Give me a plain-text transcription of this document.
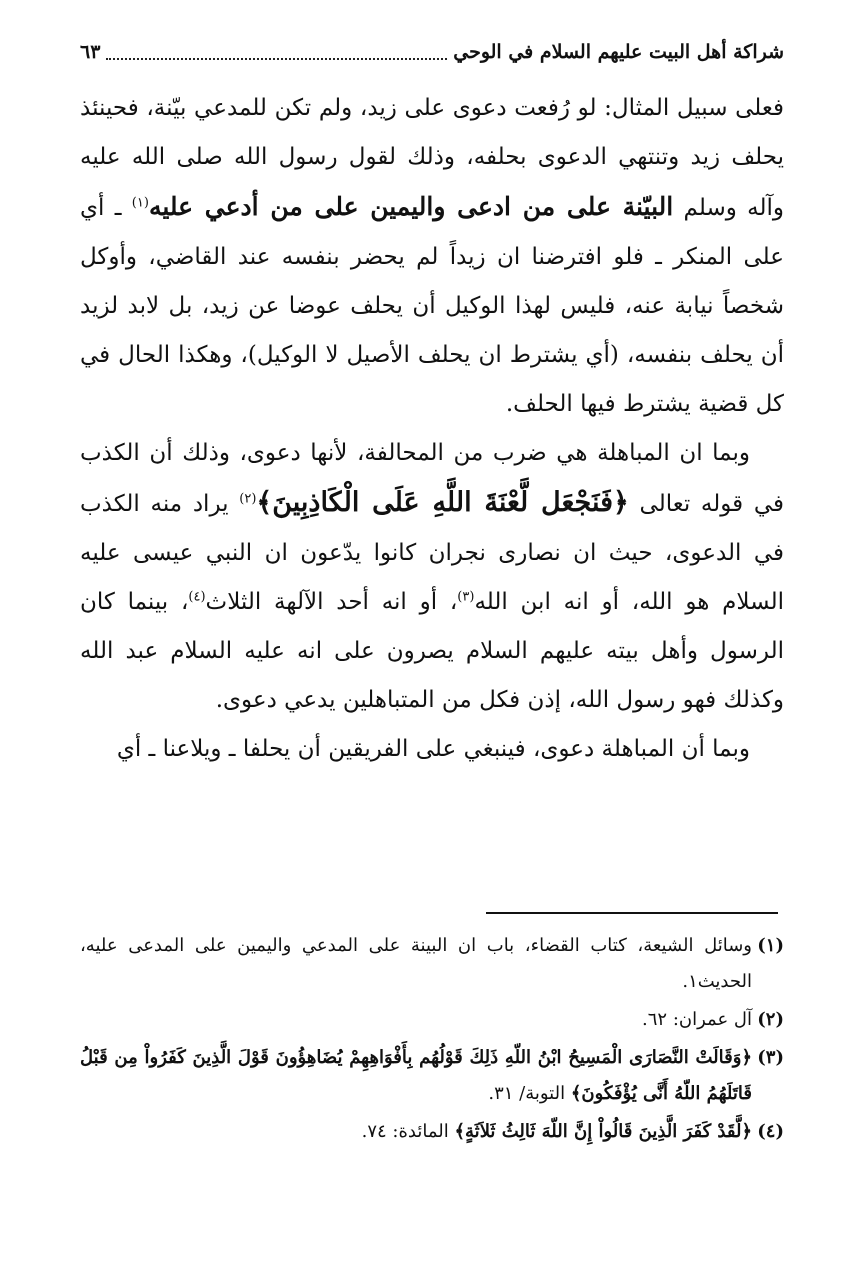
شراكة أهل البيت عليهم السلام في الوحي
٦٣

فعلى سبيل المثال: لو رُفعت دعوى على زيد، ولم تكن للمدعي بيّنة، فحينئذ يحلف زيد وتنتهي الدعوى بحلفه، وذلك لقول رسول الله صلى الله عليه وآله وسلم البيّنة على من ادعى واليمين على من أدعي عليه$^{(١)}$ ـ أي على المنكر ـ فلو افترضنا ان زيداً لم يحضر بنفسه عند القاضي، وأوكل شخصاً نيابة عنه، فليس لهذا الوكيل أن يحلف عوضا عن زيد، بل لابد لزيد أن يحلف بنفسه، (أي يشترط ان يحلف الأصيل لا الوكيل)، وهكذا الحال في كل قضية يشترط فيها الحلف.

وبما ان المباهلة هي ضرب من المحالفة، لأنها دعوى، وذلك أن الكذب في قوله تعالى ﴿فَنَجْعَل لَّعْنَةَ اللَّهِ عَلَى الْكَاذِبِينَ﴾$^{(٢)}$ يراد منه الكذب في الدعوى، حيث ان نصارى نجران كانوا يدّعون ان النبي عيسى عليه السلام هو الله، أو انه ابن الله$^{(٣)}$، أو انه أحد الآلهة الثلاث$^{(٤)}$، بينما كان الرسول وأهل بيته عليهم السلام يصرون على انه عليه السلام عبد الله وكذلك فهو رسول الله، إذن فكل من المتباهلين يدعي دعوى.

وبما أن المباهلة دعوى، فينبغي على الفريقين أن يحلفا ـ ويلاعنا ـ أي

(١)
وسائل الشيعة، كتاب القضاء، باب ان البينة على المدعي واليمين على المدعى عليه، الحديث١.
(٢)
آل عمران: ٦٢.
(٣)
﴿وَقَالَتْ النَّصَارَى الْمَسِيحُ ابْنُ اللّهِ ذَلِكَ قَوْلُهُم بِأَفْوَاهِهِمْ يُضَاهِؤُونَ قَوْلَ الَّذِينَ كَفَرُواْ مِن قَبْلُ قَاتَلَهُمُ اللّهُ أَنَّى يُؤْفَكُونَ﴾ التوبة/ ٣١.
(٤)
﴿لَّقَدْ كَفَرَ الَّذِينَ قَالُواْ إِنَّ اللّهَ ثَالِثُ ثَلاَثَةٍ﴾ المائدة: ٧٤.
